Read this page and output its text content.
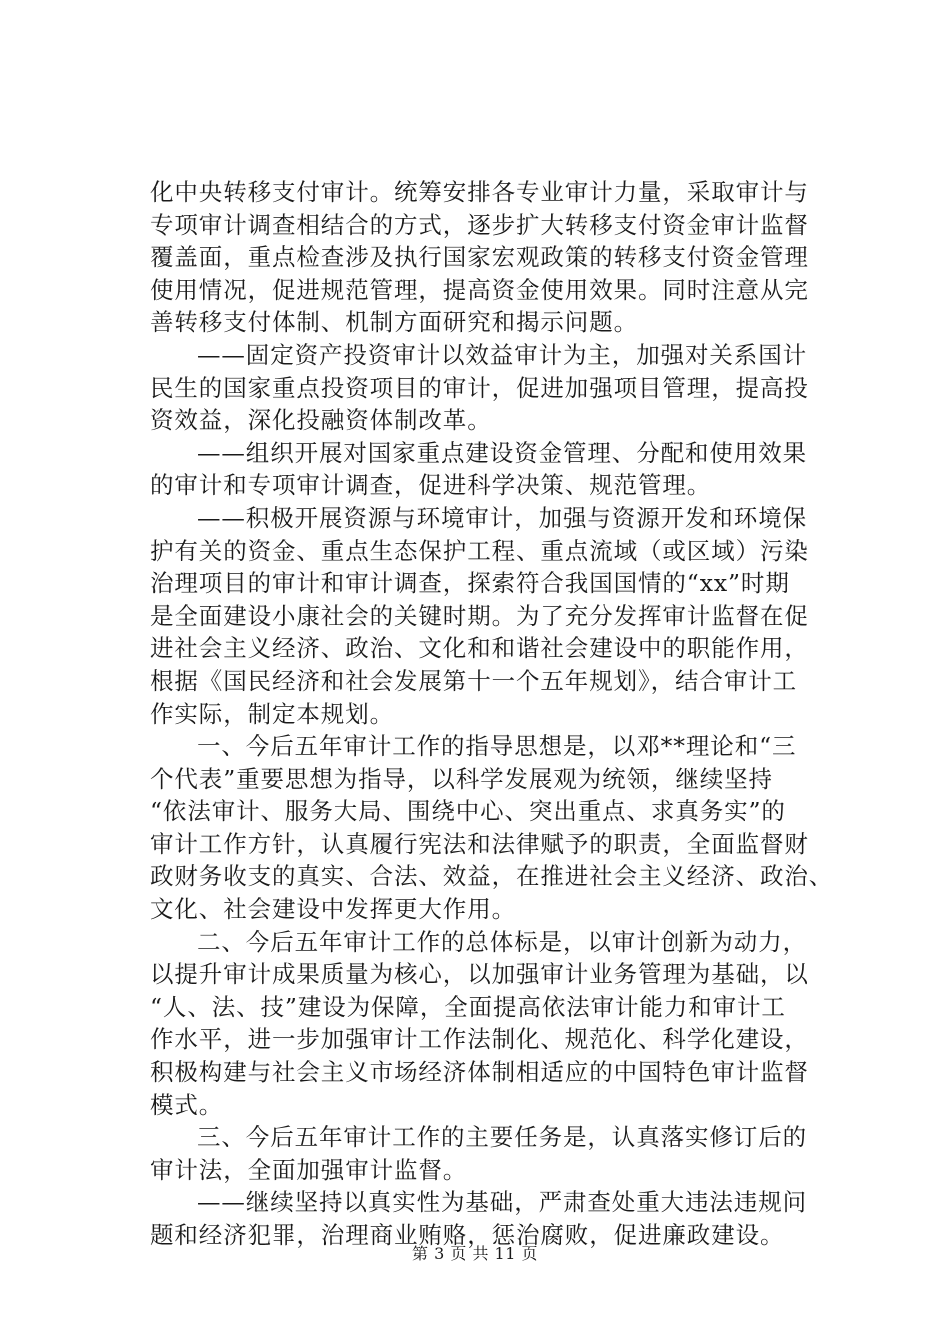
化中央转移支付审计。统筹安排各专业审计力量，采取审计与
专项审计调查相结合的方式，逐步扩大转移支付资金审计监督
覆盖面，重点检查涉及执行国家宏观政策的转移支付资金管理
使用情况，促进规范管理，提高资金使用效果。同时注意从完
善转移支付体制、机制方面研究和揭示问题。
——固定资产投资审计以效益审计为主，加强对关系国计
民生的国家重点投资项目的审计，促进加强项目管理，提高投
资效益，深化投融资体制改革。
——组织开展对国家重点建设资金管理、分配和使用效果
的审计和专项审计调查，促进科学决策、规范管理。
——积极开展资源与环境审计，加强与资源开发和环境保
护有关的资金、重点生态保护工程、重点流域（或区域）污染
治理项目的审计和审计调查，探索符合我国国情的“xx”时期
是全面建设小康社会的关键时期。为了充分发挥审计监督在促
进社会主义经济、政治、文化和和谐社会建设中的职能作用，
根据《国民经济和社会发展第十一个五年规划》，结合审计工
作实际，制定本规划。
一、今后五年审计工作的指导思想是，以邓**理论和“三
个代表”重要思想为指导，以科学发展观为统领，继续坚持
“依法审计、服务大局、围绕中心、突出重点、求真务实”的
审计工作方针，认真履行宪法和法律赋予的职责，全面监督财
政财务收支的真实、合法、效益，在推进社会主义经济、政治、
文化、社会建设中发挥更大作用。
二、今后五年审计工作的总体标是，以审计创新为动力，
以提升审计成果质量为核心，以加强审计业务管理为基础，以
“人、法、技”建设为保障，全面提高依法审计能力和审计工
作水平，进一步加强审计工作法制化、规范化、科学化建设，
积极构建与社会主义市场经济体制相适应的中国特色审计监督
模式。
三、今后五年审计工作的主要任务是，认真落实修订后的
审计法，全面加强审计监督。
——继续坚持以真实性为基础，严肃查处重大违法违规问
题和经济犯罪，治理商业贿赂，惩治腐败，促进廉政建设。
第 3 页 共 11 页
